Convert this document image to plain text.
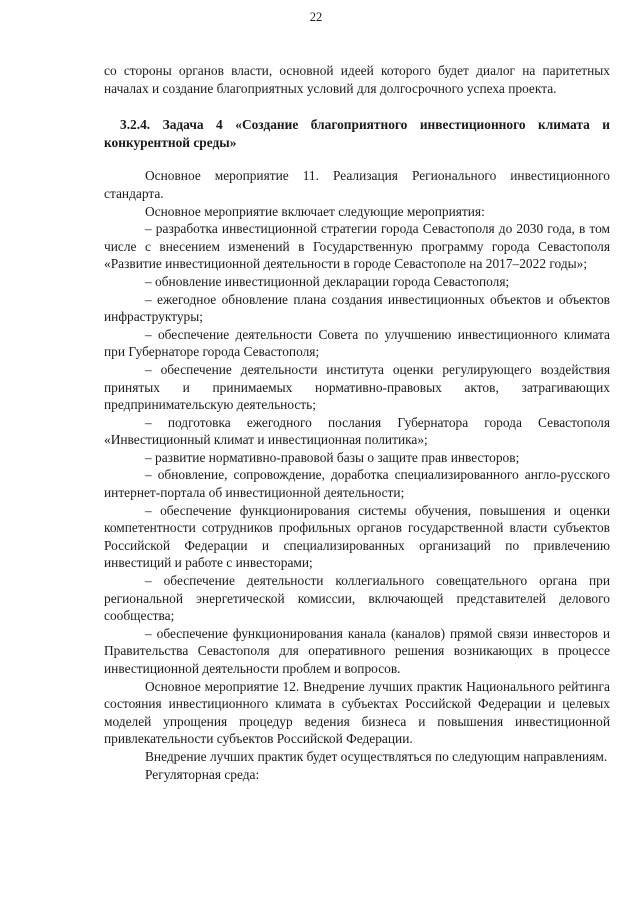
22

со стороны органов власти, основной идеей которого будет диалог на паритетных началах и создание благоприятных условий для долгосрочного успеха проекта.

3.2.4. Задача 4 «Создание благоприятного инвестиционного климата и конкурентной среды»

Основное мероприятие 11. Реализация Регионального инвестиционного стандарта.

Основное мероприятие включает следующие мероприятия:

– разработка инвестиционной стратегии города Севастополя до 2030 года, в том числе с внесением изменений в Государственную программу города Севастополя «Развитие инвестиционной деятельности в городе Севастополе на 2017–2022 годы»;

– обновление инвестиционной декларации города Севастополя;

– ежегодное обновление плана создания инвестиционных объектов и объектов инфраструктуры;

– обеспечение деятельности Совета по улучшению инвестиционного климата при Губернаторе города Севастополя;

– обеспечение деятельности института оценки регулирующего воздействия принятых и принимаемых нормативно-правовых актов, затрагивающих предпринимательскую деятельность;

– подготовка ежегодного послания Губернатора города Севастополя «Инвестиционный климат и инвестиционная политика»;

– развитие нормативно-правовой базы о защите прав инвесторов;

– обновление, сопровождение, доработка специализированного англо-русского интернет-портала об инвестиционной деятельности;

– обеспечение функционирования системы обучения, повышения и оценки компетентности сотрудников профильных органов государственной власти субъектов Российской Федерации и специализированных организаций по привлечению инвестиций и работе с инвесторами;

– обеспечение деятельности коллегиального совещательного органа при региональной энергетической комиссии, включающей представителей делового сообщества;

– обеспечение функционирования канала (каналов) прямой связи инвесторов и Правительства Севастополя для оперативного решения возникающих в процессе инвестиционной деятельности проблем и вопросов.

Основное мероприятие 12. Внедрение лучших практик Национального рейтинга состояния инвестиционного климата в субъектах Российской Федерации и целевых моделей упрощения процедур ведения бизнеса и повышения инвестиционной привлекательности субъектов Российской Федерации.

Внедрение лучших практик будет осуществляться по следующим направлениям.

Регуляторная среда:
